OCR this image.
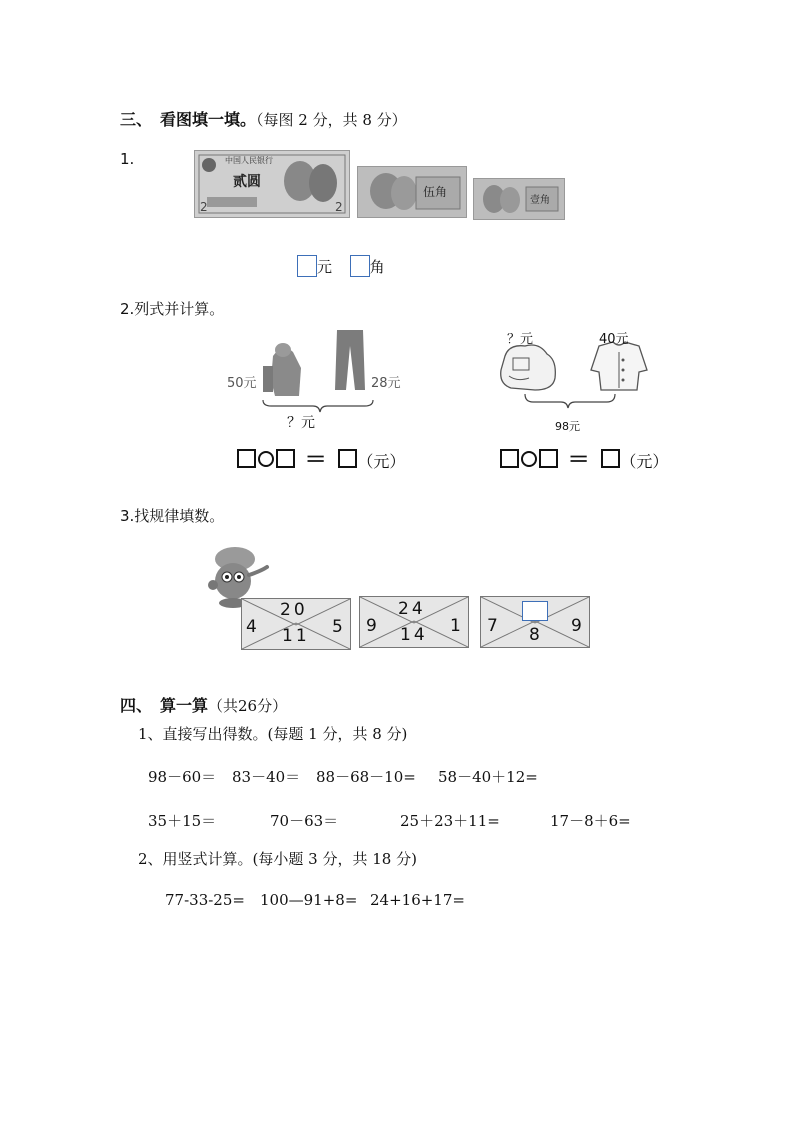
三、　看图填一填。（每图 2 分，共 8 分）
1.
2	2
中国人民银行
贰圆
伍角
壹角
元	角
2.列式并计算。
50元	28元
？元
＝ （元）
？元	40元
98元
＝ （元）
3.找规律填数。
20
4	5
11
24
9	1
14	7	9
8
四、　算一算（共26分）
1、直接写出得数。(每题 1 分，共 8 分)
98－60＝ 83－40＝ 88－68－10= 58－40＋12=
35＋15＝	70－63＝	25＋23＋11=	17－8＋6=
2、用竖式计算。(每小题 3 分，共 18 分)
77-33-25= 100—91+8= 24+16+17=
